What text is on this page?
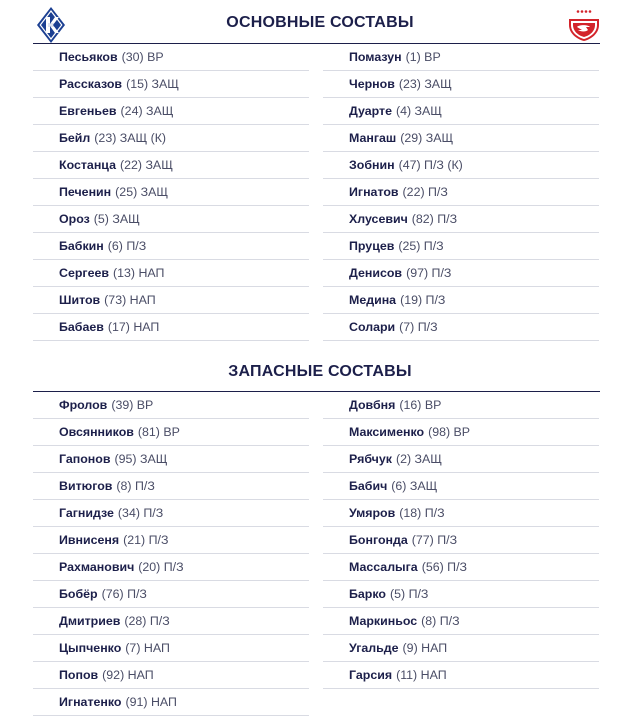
ОСНОВНЫЕ СОСТАВЫ
Песьяков (30) ВР
Рассказов (15) ЗАЩ
Евгеньев (24) ЗАЩ
Бейл (23) ЗАЩ (К)
Костанца (22) ЗАЩ
Печенин (25) ЗАЩ
Ороз (5) ЗАЩ
Бабкин (6) П/З
Сергеев (13) НАП
Шитов (73) НАП
Бабаев (17) НАП
Помазун (1) ВР
Чернов (23) ЗАЩ
Дуарте (4) ЗАЩ
Мангаш (29) ЗАЩ
Зобнин (47) П/З (К)
Игнатов (22) П/З
Хлусевич (82) П/З
Пруцев (25) П/З
Денисов (97) П/З
Медина (19) П/З
Солари (7) П/З
ЗАПАСНЫЕ СОСТАВЫ
Фролов (39) ВР
Овсянников (81) ВР
Гапонов (95) ЗАЩ
Витюгов (8) П/З
Гагнидзе (34) П/З
Ивнисеня (21) П/З
Рахманович (20) П/З
Бобёр (76) П/З
Дмитриев (28) П/З
Цыпченко (7) НАП
Попов (92) НАП
Игнатенко (91) НАП
Довбня (16) ВР
Максименко (98) ВР
Рябчук (2) ЗАЩ
Бабич (6) ЗАЩ
Умяров (18) П/З
Бонгонда (77) П/З
Массалыга (56) П/З
Барко (5) П/З
Маркиньос (8) П/З
Угальде (9) НАП
Гарсия (11) НАП
